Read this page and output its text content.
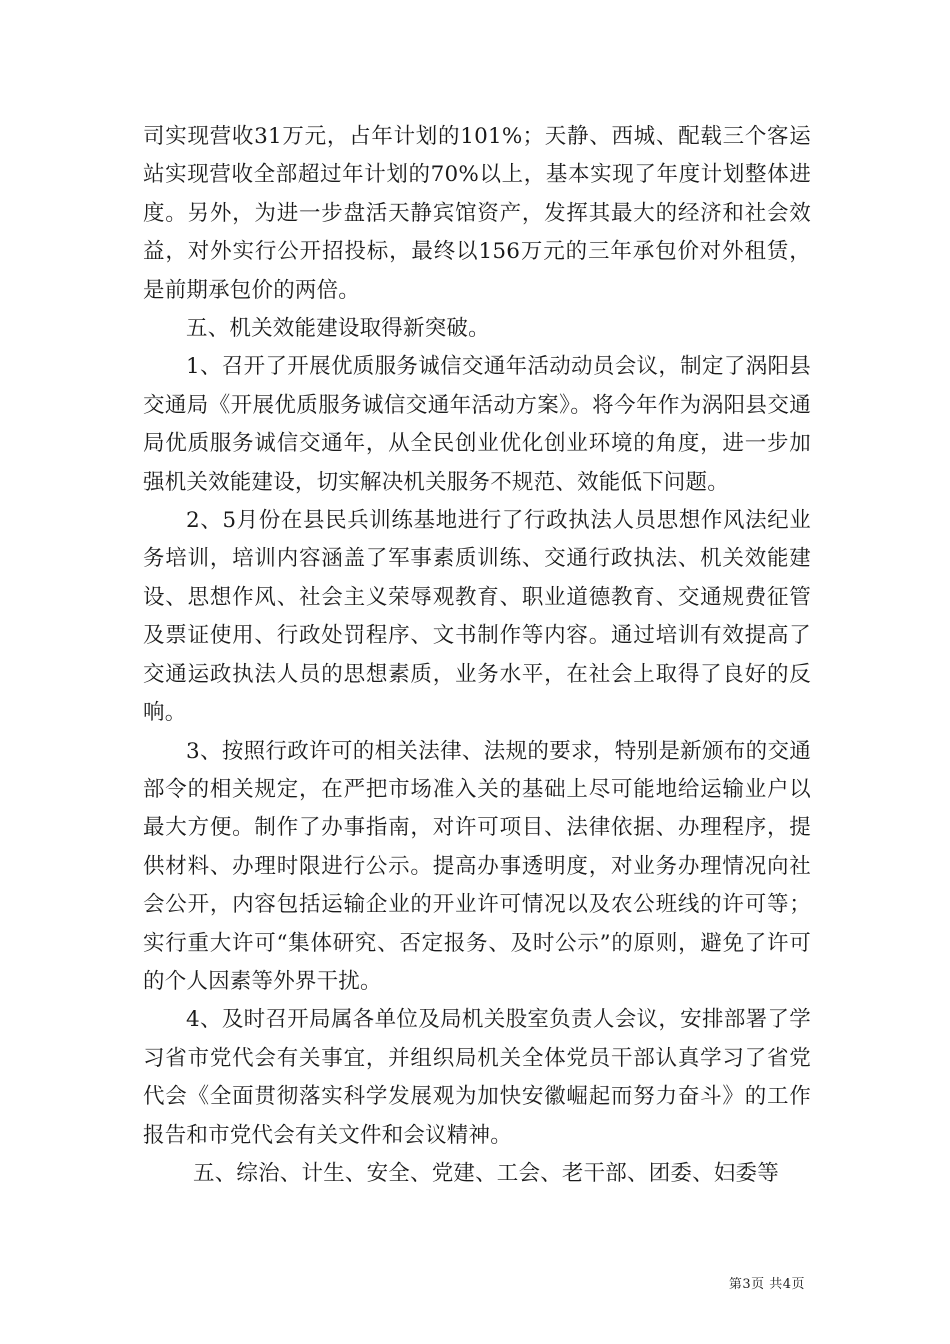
司实现营收31万元，占年计划的101%；天静、西城、配载三个客运站实现营收全部超过年计划的70%以上，基本实现了年度计划整体进度。另外，为进一步盘活天静宾馆资产，发挥其最大的经济和社会效益，对外实行公开招投标，最终以156万元的三年承包价对外租赁，是前期承包价的两倍。

五、机关效能建设取得新突破。

1、召开了开展优质服务诚信交通年活动动员会议，制定了涡阳县交通局《开展优质服务诚信交通年活动方案》。将今年作为涡阳县交通局优质服务诚信交通年，从全民创业优化创业环境的角度，进一步加强机关效能建设，切实解决机关服务不规范、效能低下问题。

2、5月份在县民兵训练基地进行了行政执法人员思想作风法纪业务培训，培训内容涵盖了军事素质训练、交通行政执法、机关效能建设、思想作风、社会主义荣辱观教育、职业道德教育、交通规费征管及票证使用、行政处罚程序、文书制作等内容。通过培训有效提高了交通运政执法人员的思想素质，业务水平，在社会上取得了良好的反响。

3、按照行政许可的相关法律、法规的要求，特别是新颁布的交通部令的相关规定，在严把市场准入关的基础上尽可能地给运输业户以最大方便。制作了办事指南，对许可项目、法律依据、办理程序，提供材料、办理时限进行公示。提高办事透明度，对业务办理情况向社会公开，内容包括运输企业的开业许可情况以及农公班线的许可等；实行重大许可“集体研究、否定报务、及时公示”的原则，避免了许可的个人因素等外界干扰。

4、及时召开局属各单位及局机关股室负责人会议，安排部署了学习省市党代会有关事宜，并组织局机关全体党员干部认真学习了省党代会《全面贯彻落实科学发展观为加快安徽崛起而努力奋斗》的工作报告和市党代会有关文件和会议精神。

五、综治、计生、安全、党建、工会、老干部、团委、妇委等

第3页 共4页
